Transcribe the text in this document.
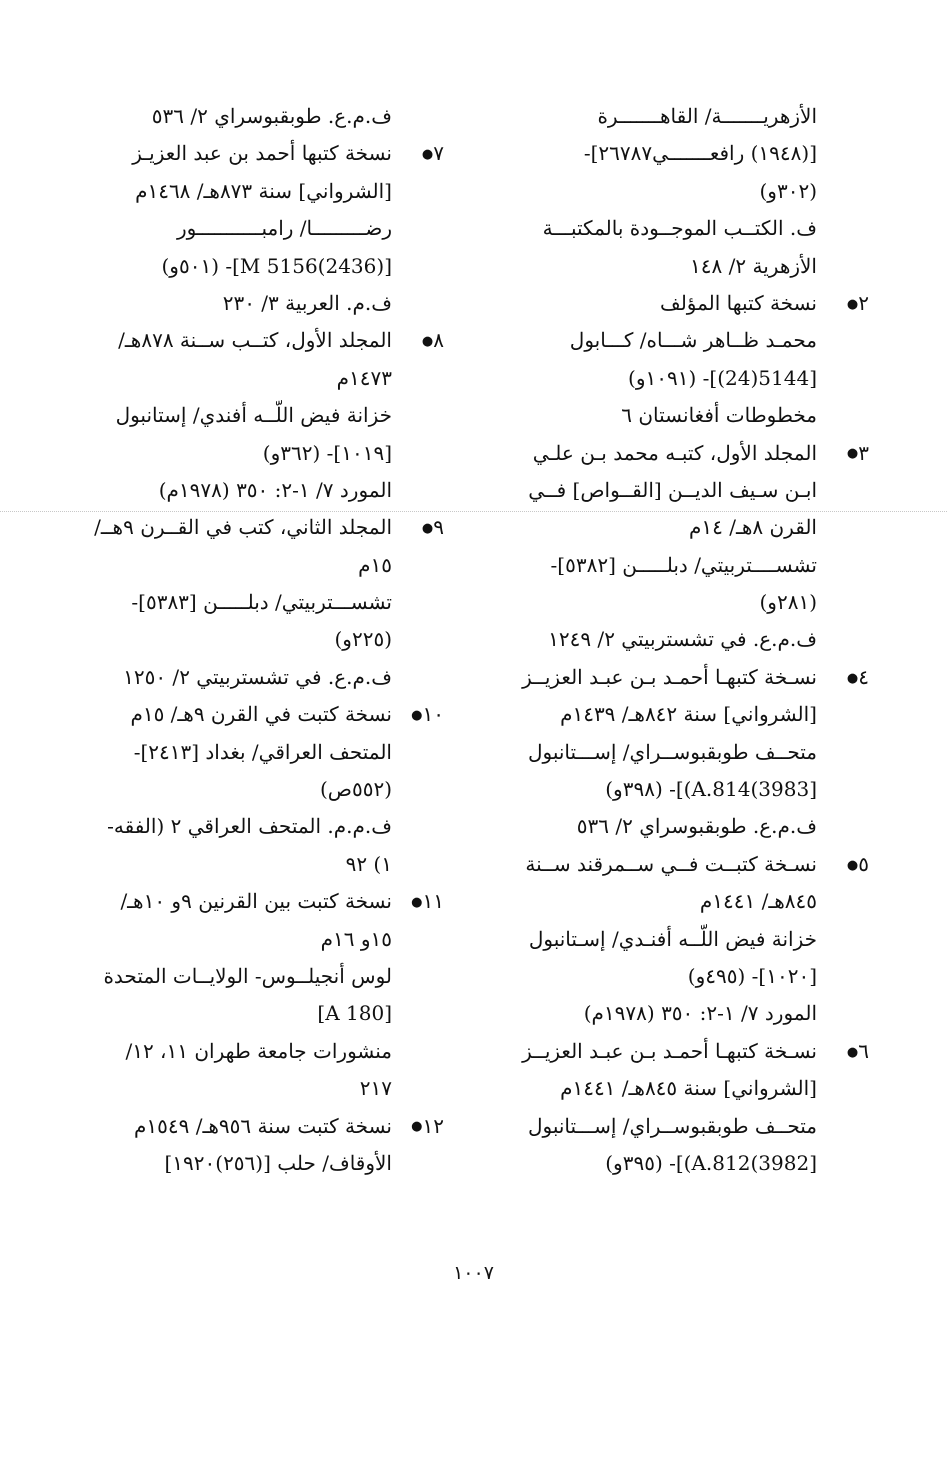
الأزهريـــــــة/ القاهـــــــرة
[(١٩٤٨) رافعـــــــي٢٦٧٨٧]-
(٣٠٢و)
ف. الكتــب الموجــودة بالمكتبـــة
الأزهرية ٢/ ١٤٨
٢●
نسخة كتبها المؤلف
محمـد ظــاهر شـــاه/ كـــابول
[5144(24)]- (١٠٩١و)
مخطوطات أفغانستان ٦
٣●
المجلد الأول، كتبـه محمد بـن علـي
ابـن سـيف الديــن [القــواص] فــي
القرن ٨هـ/ ١٤م
تشســــتربيتي/ دبلـــــن [٥٣٨٢]-
(٢٨١و)
ف.م.ع. في تشستربيتي ٢/ ١٢٤٩
٤●
نسـخة كتبهـا أحمـد بـن عبـد العزيــز
[الشرواني] سنة ٨٤٢هـ/ ١٤٣٩م
متحــف طوبقبوســراي/ إســـتانبول
[3983)A.814)]- (٣٩٨و)
ف.م.ع. طوبقبوسراي ٢/ ٥٣٦
٥●
نسـخة كتبــت فــي ســمرقند ســنة
٨٤٥هـ/ ١٤٤١م
خزانة فيض اللّــه أفنـدي/ إسـتانبول
[١٠٢٠]- (٤٩٥و)
المورد ٧/ ١-٢: ٣٥٠ (١٩٧٨م)
٦●
نسـخة كتبهـا أحمـد بـن عبـد العزيــز
[الشرواني] سنة ٨٤٥هـ/ ١٤٤١م
متحــف طوبقبوســراي/ إســـتانبول
[3982)A.812)]- (٣٩٥و)
ف.م.ع. طوبقبوسراي ٢/ ٥٣٦
٧●
نسخة كتبها أحمد بن عبد العزيـز
[الشرواني] سنة ٨٧٣هـ/ ١٤٦٨م
رضـــــــــا/ رامبـــــــــــور
[(2436)5156 M]- (٥٠١و)
ف.م. العربية ٣/ ٢٣٠
٨●
المجلد الأول، كتــب ســنة ٨٧٨هـ/
١٤٧٣م
خزانة فيض اللّــه أفندي/ إستانبول
[١٠١٩]- (٣٦٢و)
المورد ٧/ ١-٢: ٣٥٠ (١٩٧٨م)
٩●
المجلد الثاني، كتب في القــرن ٩هــ/
١٥م
تشســـتربيتي/ دبلـــــن [٥٣٨٣]-
(٢٢٥و)
ف.م.ع. في تشستربيتي ٢/ ١٢٥٠
١٠●
نسخة كتبت في القرن ٩هـ/ ١٥م
المتحف العراقي/ بغداد [٢٤١٣]-
(٥٥٢ص)
ف.م.م. المتحف العراقي ٢ (الفقه-
١) ٩٢
١١●
نسخة كتبت بين القرنين ٩و ١٠هـ/
١٥و ١٦م
لوس أنجيلــوس- الولايــات المتحدة
[A 180]
منشورات جامعة طهران ١١، ١٢/
٢١٧
١٢●
نسخة كتبت سنة ٩٥٦هـ/ ١٥٤٩م
الأوقاف/ حلب [(٢٥٦)١٩٢٠]
١٠٠٧
